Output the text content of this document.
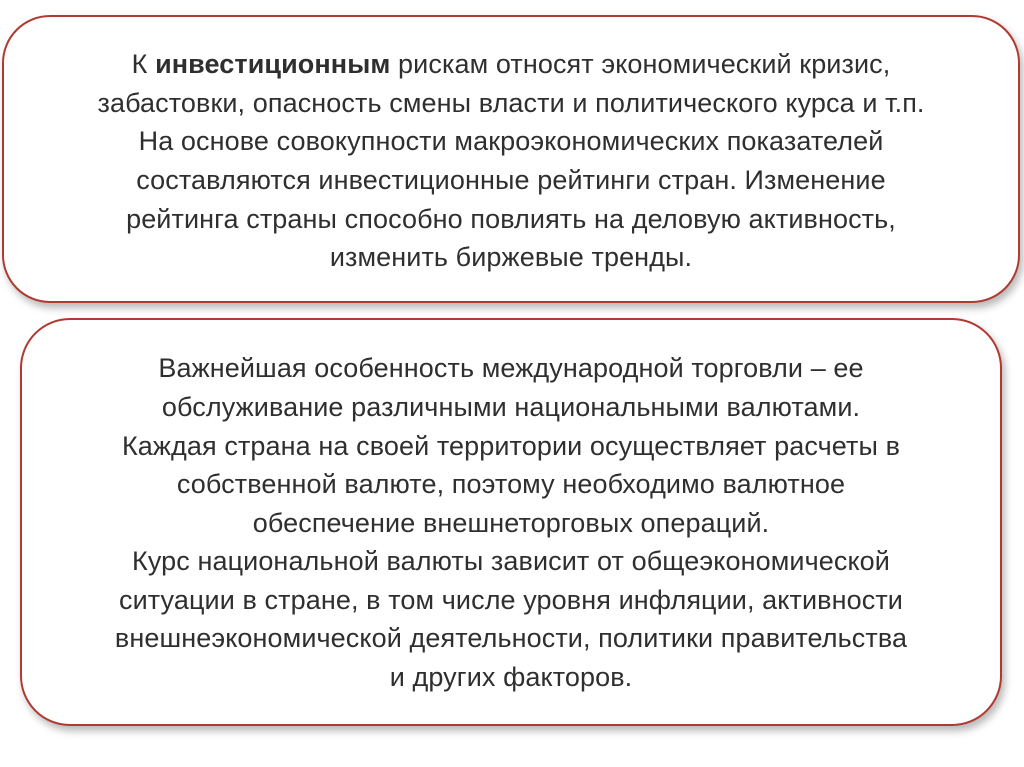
К инвестиционным рискам относят экономический кризис,
забастовки, опасность смены власти и политического курса и т.п.
На основе совокупности макроэкономических показателей
составляются инвестиционные рейтинги стран. Изменение
рейтинга страны способно повлиять на деловую активность,
изменить биржевые тренды.
Важнейшая особенность международной торговли – ее
обслуживание различными национальными валютами.
Каждая страна на своей территории осуществляет расчеты в
собственной валюте, поэтому необходимо валютное
обеспечение внешнеторговых операций.
Курс национальной валюты зависит от общеэкономической
ситуации в стране, в том числе уровня инфляции, активности
внешнеэкономической деятельности, политики правительства
и других факторов.
